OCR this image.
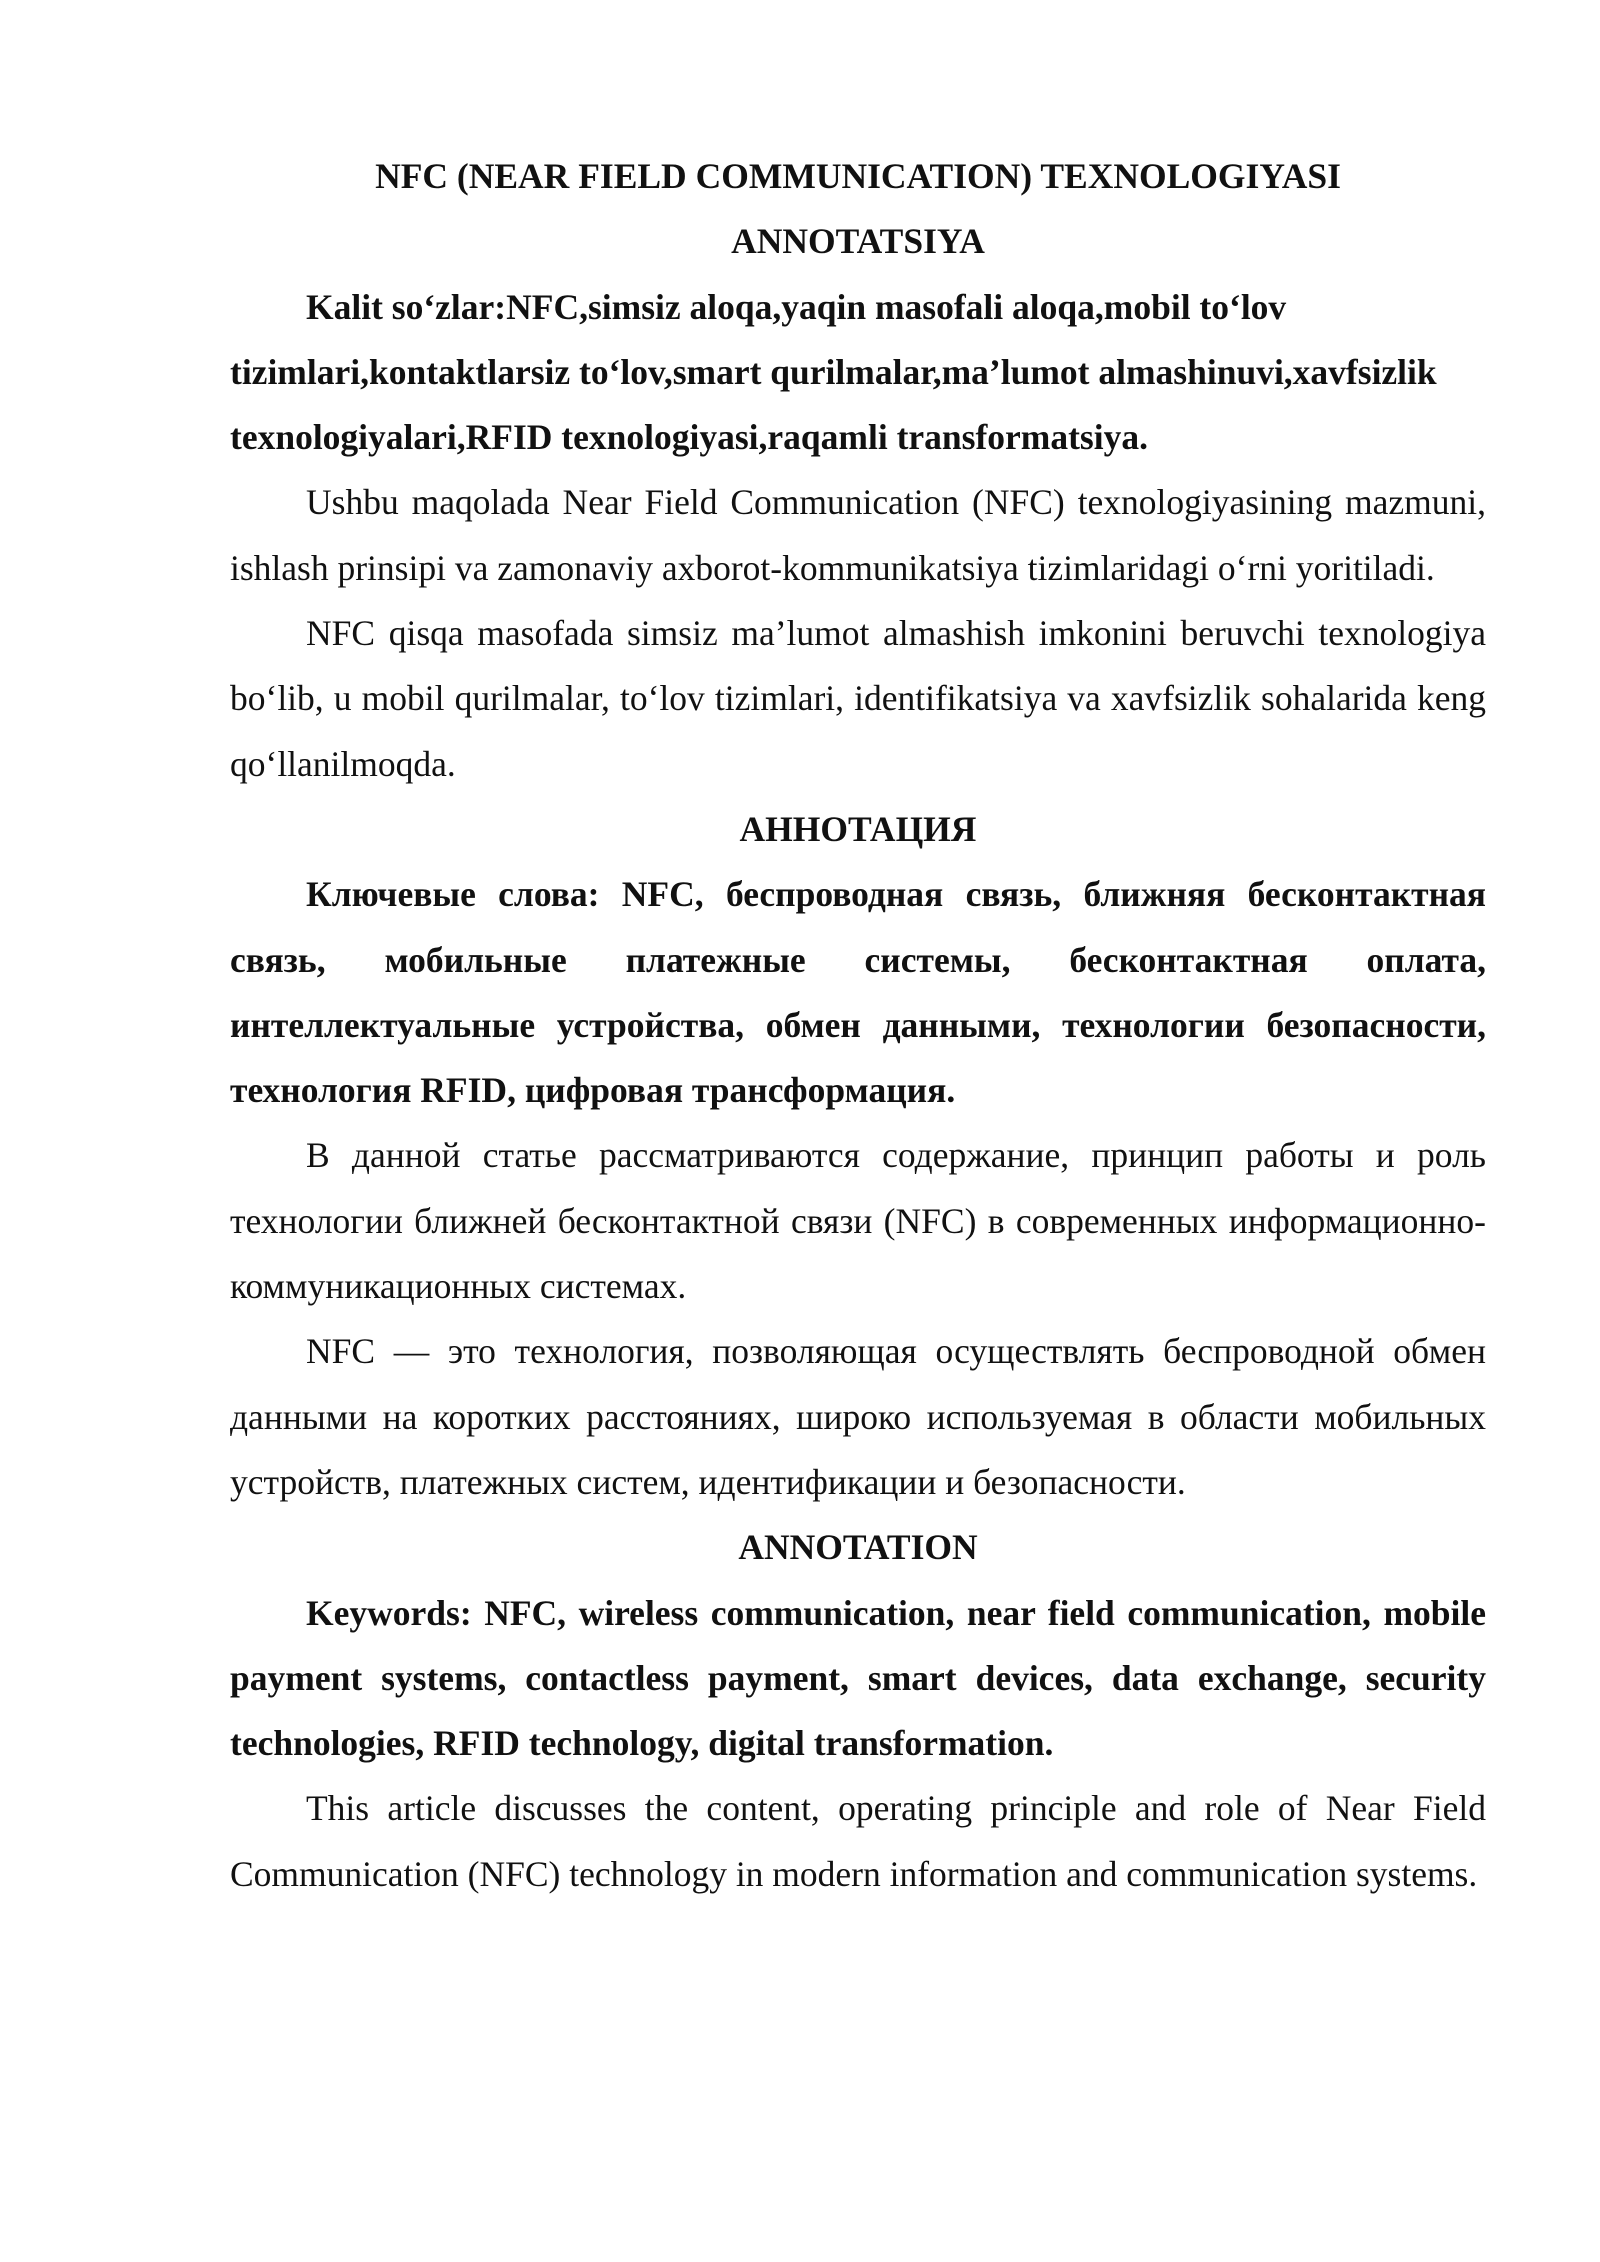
NFC (NEAR FIELD COMMUNICATION) TEXNOLOGIYASI
ANNOTATSIYA

Kalit so‘zlar:NFC,simsiz aloqa,yaqin masofali aloqa,mobil to‘lov tizimlari,kontaktlarsiz to‘lov,smart qurilmalar,ma’lumot almashinuvi,xavfsizlik texnologiyalari,RFID texnologiyasi,raqamli transformatsiya.

Ushbu maqolada Near Field Communication (NFC) texnologiyasining mazmuni, ishlash prinsipi va zamonaviy axborot-kommunikatsiya tizimlaridagi o‘rni yoritiladi.

NFC qisqa masofada simsiz ma’lumot almashish imkonini beruvchi texnologiya bo‘lib, u mobil qurilmalar, to‘lov tizimlari, identifikatsiya va xavfsizlik sohalarida keng qo‘llanilmoqda.

АННОТАЦИЯ

Ключевые слова: NFC, беспроводная связь, ближняя бесконтактная связь, мобильные платежные системы, бесконтактная оплата, интеллектуальные устройства, обмен данными, технологии безопасности, технология RFID, цифровая трансформация.

В данной статье рассматриваются содержание, принцип работы и роль технологии ближней бесконтактной связи (NFC) в современных информационно-коммуникационных системах.

NFC — это технология, позволяющая осуществлять беспроводной обмен данными на коротких расстояниях, широко используемая в области мобильных устройств, платежных систем, идентификации и безопасности.

ANNOTATION

Keywords: NFC, wireless communication, near field communication, mobile payment systems, contactless payment, smart devices, data exchange, security technologies, RFID technology, digital transformation.

This article discusses the content, operating principle and role of Near Field Communication (NFC) technology in modern information and communication systems.
